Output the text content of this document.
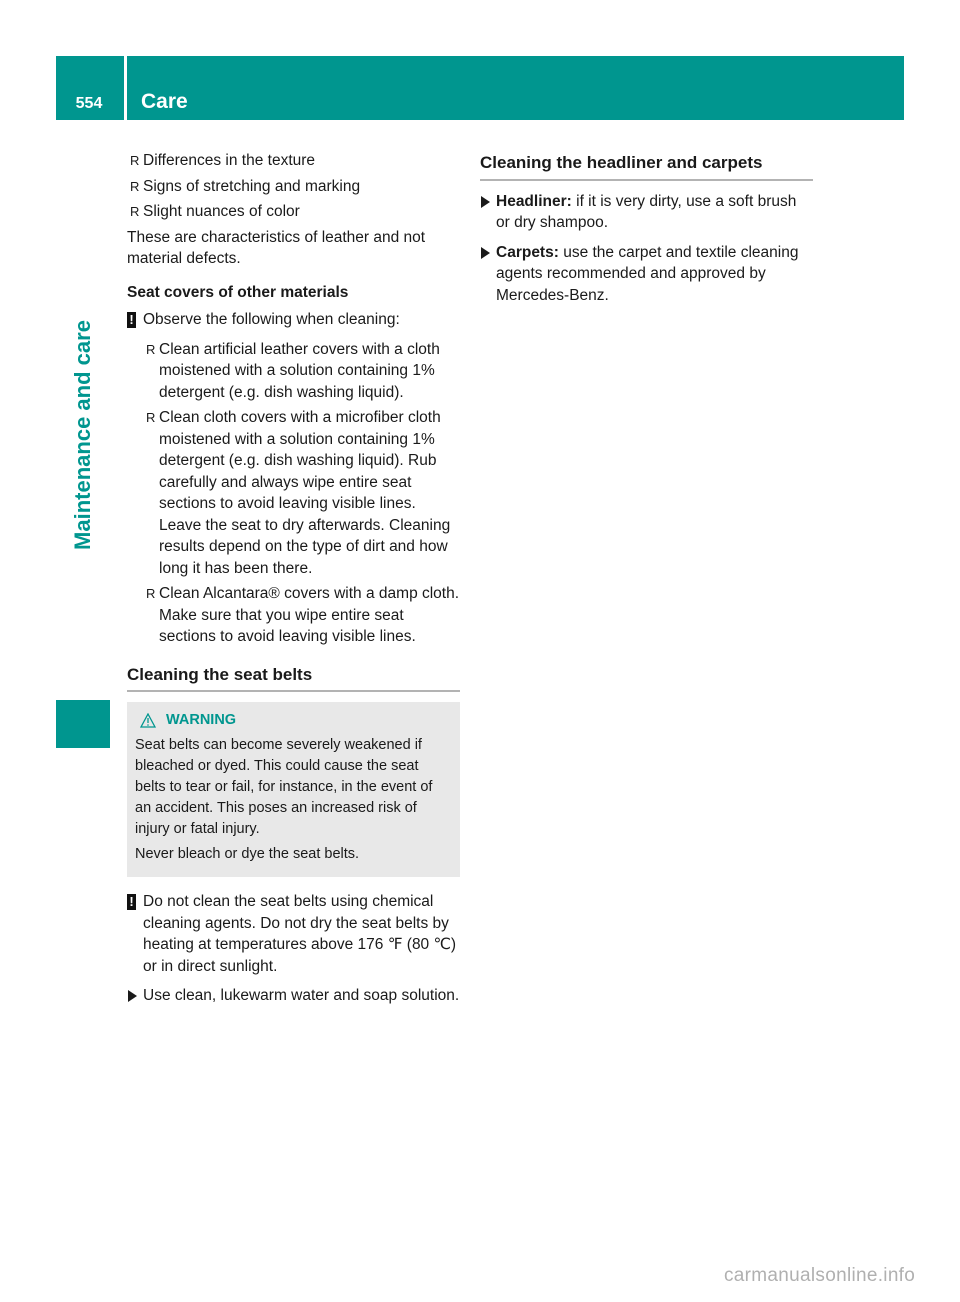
554	Care
Maintenance and care
R Differences in the texture
R Signs of stretching and marking
R Slight nuances of color

These are characteristics of leather and not material defects.

Seat covers of other materials
! Observe the following when cleaning:
R Clean artificial leather covers with a cloth moistened with a solution containing 1% detergent (e.g. dish washing liquid).
R Clean cloth covers with a microfiber cloth moistened with a solution containing 1% detergent (e.g. dish washing liquid). Rub carefully and always wipe entire seat sections to avoid leaving visible lines. Leave the seat to dry afterwards. Cleaning results depend on the type of dirt and how long it has been there.
R Clean Alcantara® covers with a damp cloth. Make sure that you wipe entire seat sections to avoid leaving visible lines.
Cleaning the seat belts
WARNING

Seat belts can become severely weakened if bleached or dyed. This could cause the seat belts to tear or fail, for instance, in the event of an accident. This poses an increased risk of injury or fatal injury.

Never bleach or dye the seat belts.

! Do not clean the seat belts using chemical cleaning agents. Do not dry the seat belts by heating at temperatures above 176 ℉ (80 ℃) or in direct sunlight.
Use clean, lukewarm water and soap solution.
Cleaning the headliner and carpets
Headliner: if it is very dirty, use a soft brush or dry shampoo.
Carpets: use the carpet and textile cleaning agents recommended and approved by Mercedes-Benz.
carmanualsonline.info
